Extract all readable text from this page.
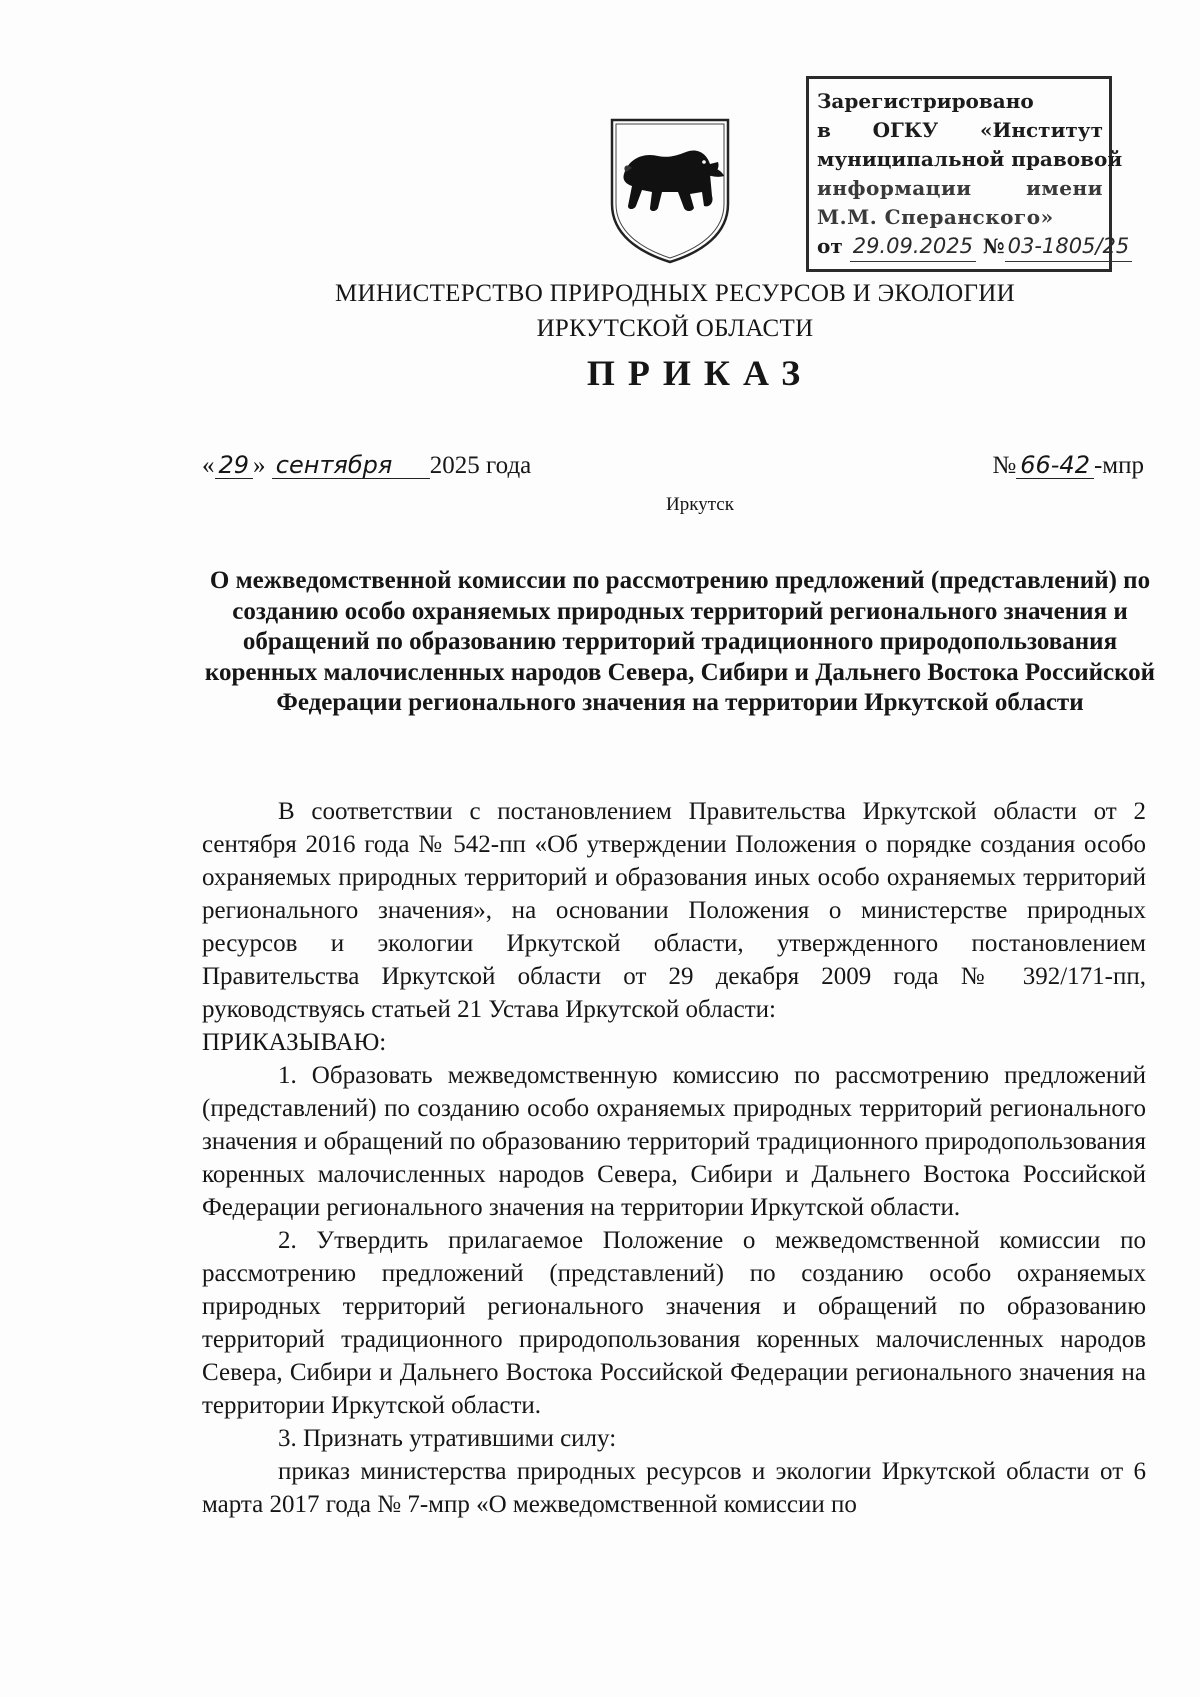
Зарегистрировано
в ОГКУ «Институт
муниципальной правовой
информации	имени
М.М. Сперанского»
от 29.09.2025 № 03-1805/25
МИНИСТЕРСТВО ПРИРОДНЫХ РЕСУРСОВ И ЭКОЛОГИИ
ИРКУТСКОЙ ОБЛАСТИ
ПРИКАЗ
« 29 » сентября 2025 года	№ 66-42 -мпр
Иркутск
О межведомственной комиссии по рассмотрению предложений (представлений) по созданию особо охраняемых природных территорий регионального значения и обращений по образованию территорий традиционного природопользования коренных малочисленных народов Севера, Сибири и Дальнего Востока Российской Федерации регионального значения на территории Иркутской области

В соответствии с постановлением Правительства Иркутской области от 2 сентября 2016 года № 542-пп «Об утверждении Положения о порядке создания особо охраняемых природных территорий и образования иных особо охраняемых территорий регионального значения», на основании Положения о министерстве природных ресурсов и экологии Иркутской области, утвержденного постановлением Правительства Иркутской области от 29 декабря 2009 года № 392/171-пп, руководствуясь статьей 21 Устава Иркутской области:

ПРИКАЗЫВАЮ:

1. Образовать межведомственную комиссию по рассмотрению предложений (представлений) по созданию особо охраняемых природных территорий регионального значения и обращений по образованию территорий традиционного природопользования коренных малочисленных народов Севера, Сибири и Дальнего Востока Российской Федерации регионального значения на территории Иркутской области.

2. Утвердить прилагаемое Положение о межведомственной комиссии по рассмотрению предложений (представлений) по созданию особо охраняемых природных территорий регионального значения и обращений по образованию территорий традиционного природопользования коренных малочисленных народов Севера, Сибири и Дальнего Востока Российской Федерации регионального значения на территории Иркутской области.

3. Признать утратившими силу:

приказ министерства природных ресурсов и экологии Иркутской области от 6 марта 2017 года № 7-мпр «О межведомственной комиссии по
